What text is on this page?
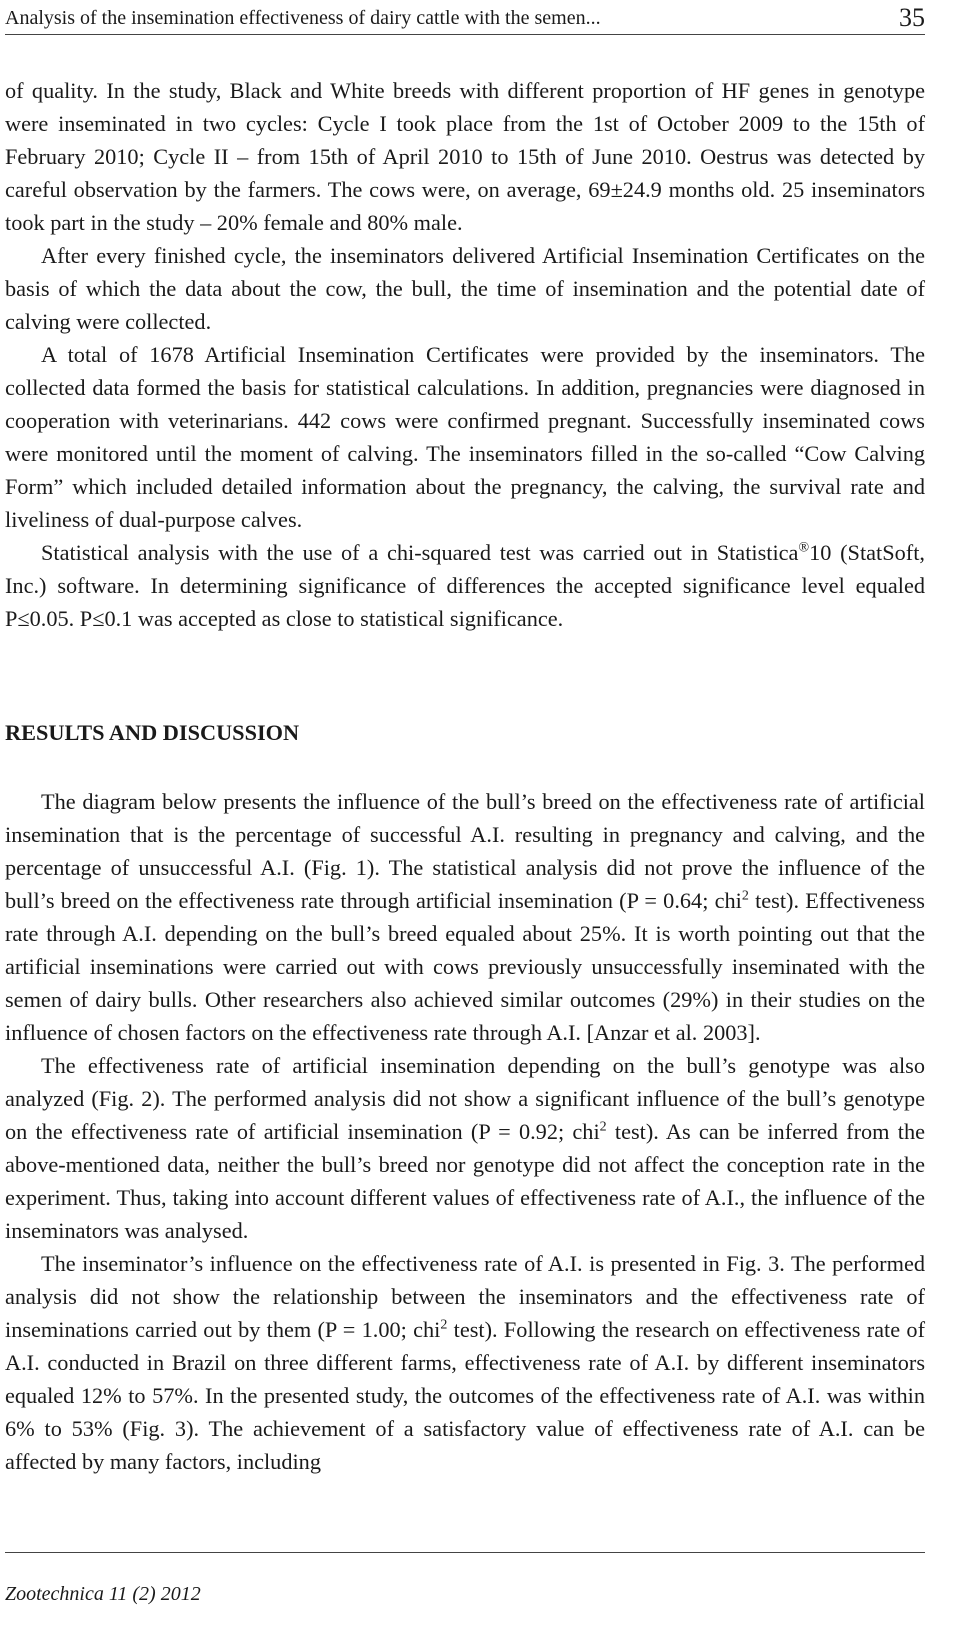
Analysis of the insemination effectiveness of dairy cattle with the semen...	35

of quality. In the study, Black and White breeds with different proportion of HF genes in genotype were inseminated in two cycles: Cycle I took place from the 1st of October 2009 to the 15th of February 2010; Cycle II – from 15th of April 2010 to 15th of June 2010. Oestrus was detected by careful observation by the farmers. The cows were, on average, 69±24.9 months old. 25 inseminators took part in the study – 20% female and 80% male.

After every finished cycle, the inseminators delivered Artificial Insemination Certificates on the basis of which the data about the cow, the bull, the time of insemination and the potential date of calving were collected.

A total of 1678 Artificial Insemination Certificates were provided by the inseminators. The collected data formed the basis for statistical calculations. In addition, pregnancies were diagnosed in cooperation with veterinarians. 442 cows were confirmed pregnant. Successfully inseminated cows were monitored until the moment of calving. The inseminators filled in the so-called “Cow Calving Form” which included detailed information about the pregnancy, the calving, the survival rate and liveliness of dual-purpose calves.

Statistical analysis with the use of a chi-squared test was carried out in Statistica®10 (StatSoft, Inc.) software. In determining significance of differences the accepted significance level equaled P≤0.05. P≤0.1 was accepted as close to statistical significance.

RESULTS AND DISCUSSION

The diagram below presents the influence of the bull’s breed on the effectiveness rate of artificial insemination that is the percentage of successful A.I. resulting in pregnancy and calving, and the percentage of unsuccessful A.I. (Fig. 1). The statistical analysis did not prove the influence of the bull’s breed on the effectiveness rate through artificial insemination (P = 0.64; chi$^2$ test). Effectiveness rate through A.I. depending on the bull’s breed equaled about 25%. It is worth pointing out that the artificial inseminations were carried out with cows previously unsuccessfully inseminated with the semen of dairy bulls. Other researchers also achieved similar outcomes (29%) in their studies on the influence of chosen factors on the effectiveness rate through A.I. [Anzar et al. 2003].

The effectiveness rate of artificial insemination depending on the bull’s genotype was also analyzed (Fig. 2). The performed analysis did not show a significant influence of the bull’s genotype on the effectiveness rate of artificial insemination (P = 0.92; chi$^2$ test). As can be inferred from the above-mentioned data, neither the bull’s breed nor genotype did not affect the conception rate in the experiment. Thus, taking into account different values of effectiveness rate of A.I., the influence of the inseminators was analysed.

The inseminator’s influence on the effectiveness rate of A.I. is presented in Fig. 3. The performed analysis did not show the relationship between the inseminators and the effectiveness rate of inseminations carried out by them (P = 1.00; chi$^2$ test). Following the research on effectiveness rate of A.I. conducted in Brazil on three different farms, effectiveness rate of A.I. by different inseminators equaled 12% to 57%. In the presented study, the outcomes of the effectiveness rate of A.I. was within 6% to 53% (Fig. 3). The achievement of a satisfactory value of effectiveness rate of A.I. can be affected by many factors, including

Zootechnica 11 (2) 2012
